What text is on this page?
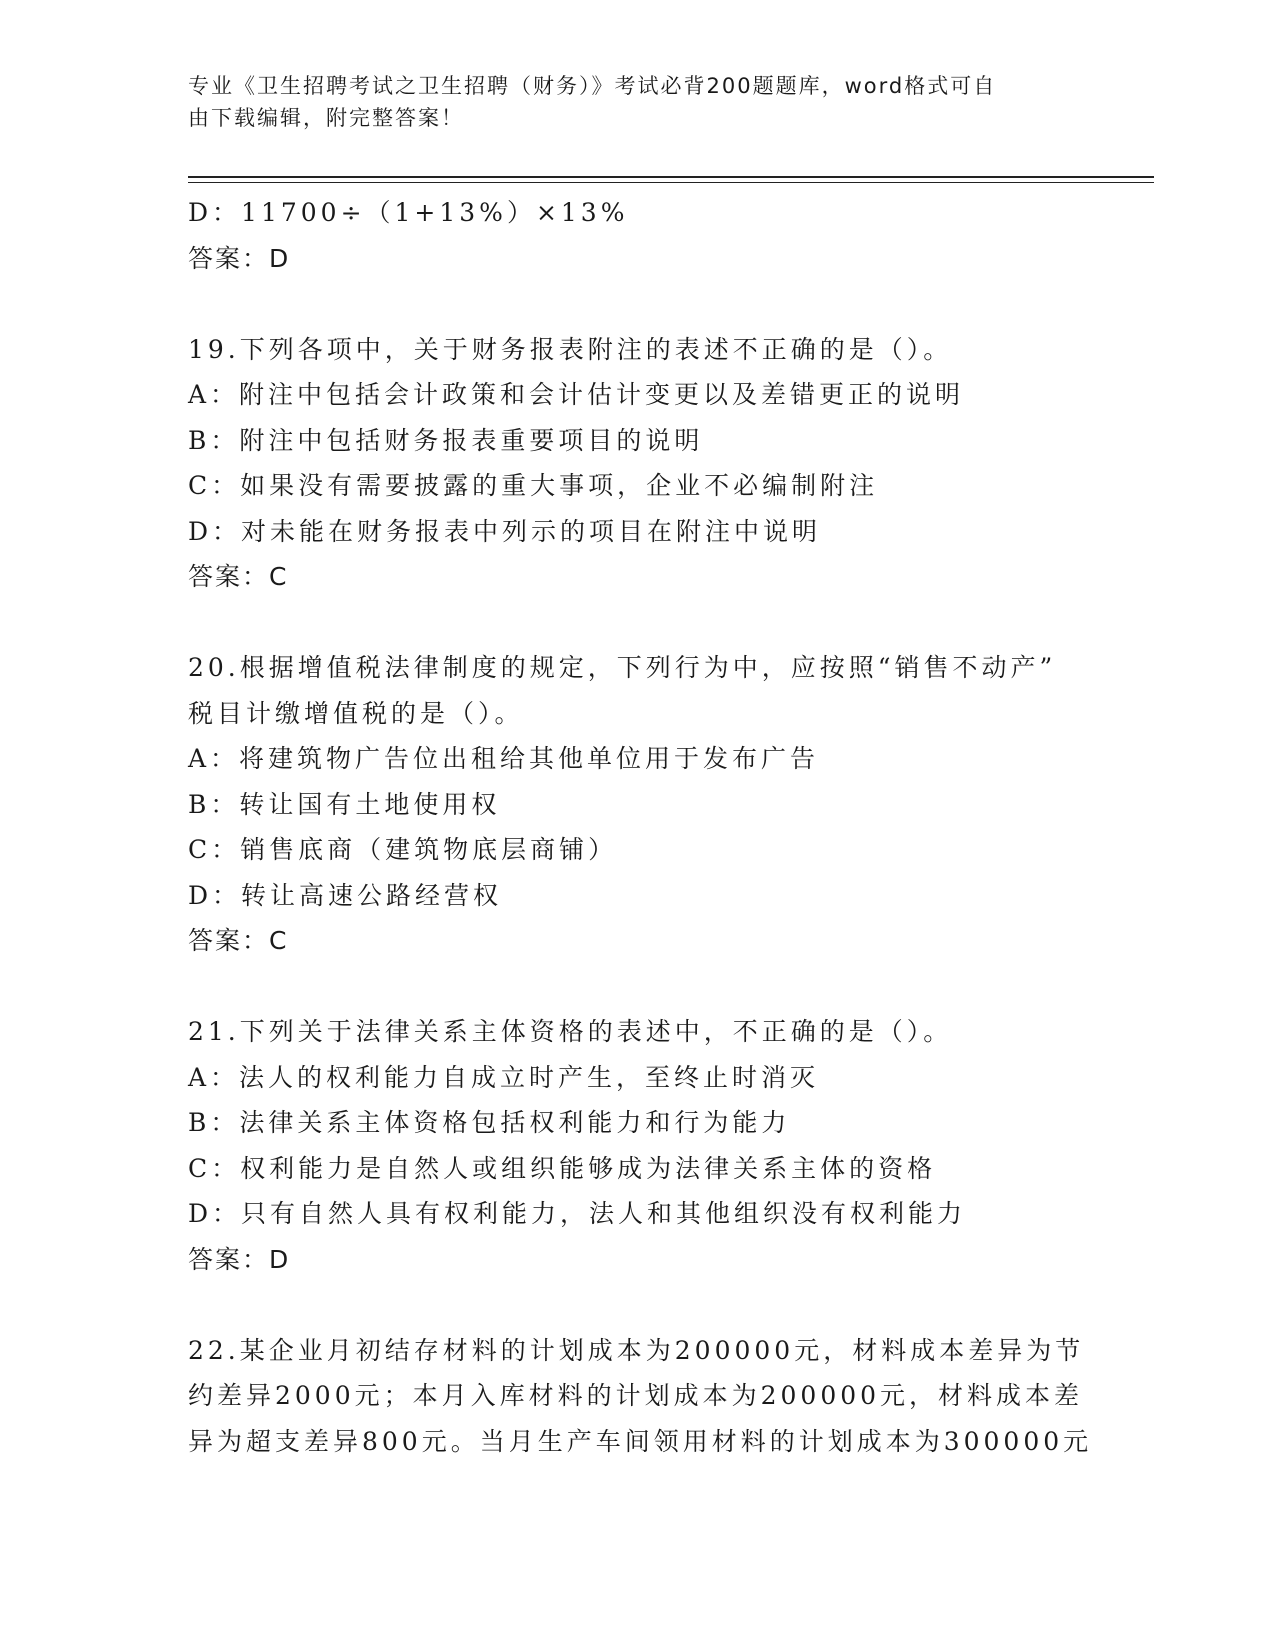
专业《卫生招聘考试之卫生招聘（财务）》考试必背200题题库，word格式可自
由下载编辑，附完整答案！
D：11700÷（1+13%）×13%
答案：D
19.下列各项中，关于财务报表附注的表述不正确的是（）。
A：附注中包括会计政策和会计估计变更以及差错更正的说明
B：附注中包括财务报表重要项目的说明
C：如果没有需要披露的重大事项，企业不必编制附注
D：对未能在财务报表中列示的项目在附注中说明
答案：C
20.根据增值税法律制度的规定，下列行为中，应按照“销售不动产”
税目计缴增值税的是（）。
A：将建筑物广告位出租给其他单位用于发布广告
B：转让国有土地使用权
C：销售底商（建筑物底层商铺）
D：转让高速公路经营权
答案：C
21.下列关于法律关系主体资格的表述中，不正确的是（）。
A：法人的权利能力自成立时产生，至终止时消灭
B：法律关系主体资格包括权利能力和行为能力
C：权利能力是自然人或组织能够成为法律关系主体的资格
D：只有自然人具有权利能力，法人和其他组织没有权利能力
答案：D
22.某企业月初结存材料的计划成本为200000元，材料成本差异为节
约差异2000元；本月入库材料的计划成本为200000元，材料成本差
异为超支差异800元。当月生产车间领用材料的计划成本为300000元
